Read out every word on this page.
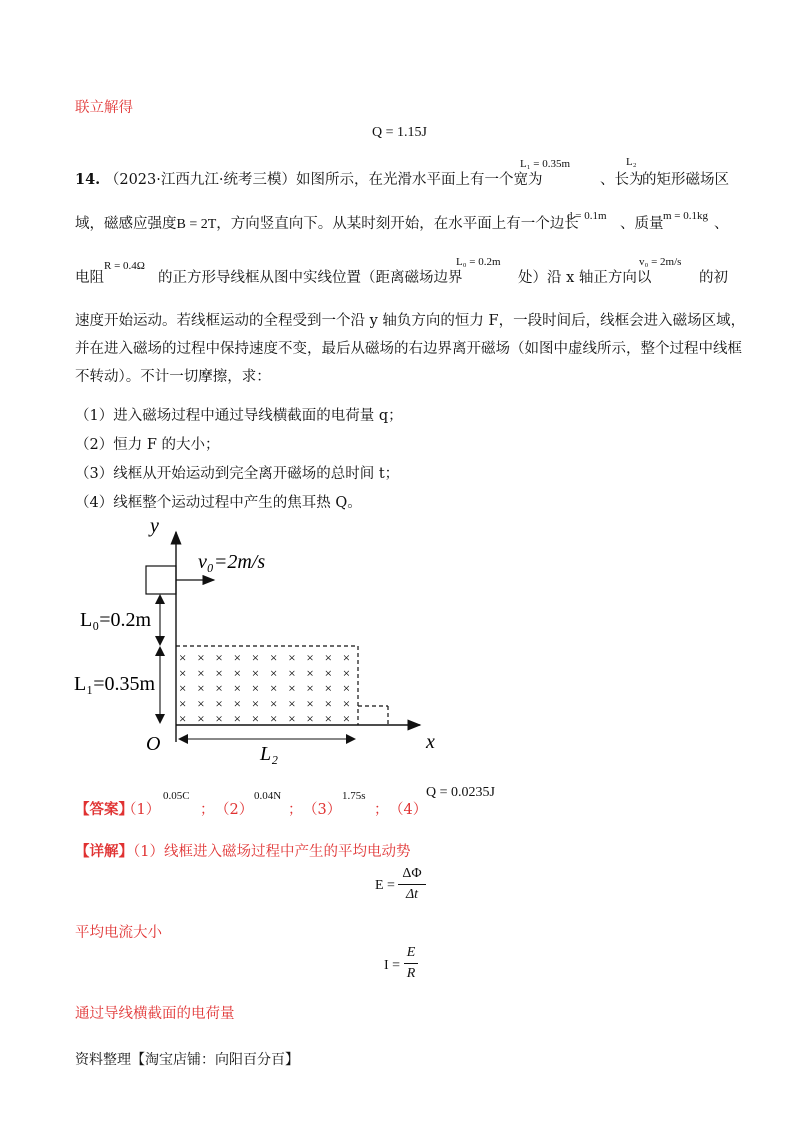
联立解得
Q = 1.15J
14. （2023·江西九江·统考三模）如图所示，在光滑水平面上有一个宽为
L₁ = 0.35m
、长为
L₂
的矩形磁场区
域，磁感应强度B = 2T，方向竖直向下。从某时刻开始，在水平面上有一个边长
d = 0.1m 、质量 m = 0.1kg 、
电阻
R = 0.4Ω
的正方形导线框从图中实线位置（距离磁场边界
L₀ = 0.2m
处）沿 x 轴正方向以
v₀ = 2m/s
的初
速度开始运动。若线框运动的全程受到一个沿 y 轴负方向的恒力 F，一段时间后，线框会进入磁场区域，
并在进入磁场的过程中保持速度不变，最后从磁场的右边界离开磁场（如图中虚线所示，整个过程中线框
不转动）。不计一切摩擦，求：
（1）进入磁场过程中通过导线横截面的电荷量 q；
（2）恒力 F 的大小；
（3）线框从开始运动到完全离开磁场的总时间 t；
（4）线框整个运动过程中产生的焦耳热 Q。
y
x
O
v₀=2m/s
L₀=0.2m
L₁=0.35m
× × × × × × × × × ×
× × × × × × × × × ×
× × × × × × × × × ×
× × × × × × × × × ×
× × × × × × × × × ×
L₂
【答案】
（1）
0.05C
； （2）
0.04N
； （3）
1.75s
； （4）
Q = 0.0235J
【详解】（1）线框进入磁场过程中产生的平均电动势
E =
ΔΦ
Δt
平均电流大小
I =
E
R
通过导线横截面的电荷量
资料整理【淘宝店铺：向阳百分百】
